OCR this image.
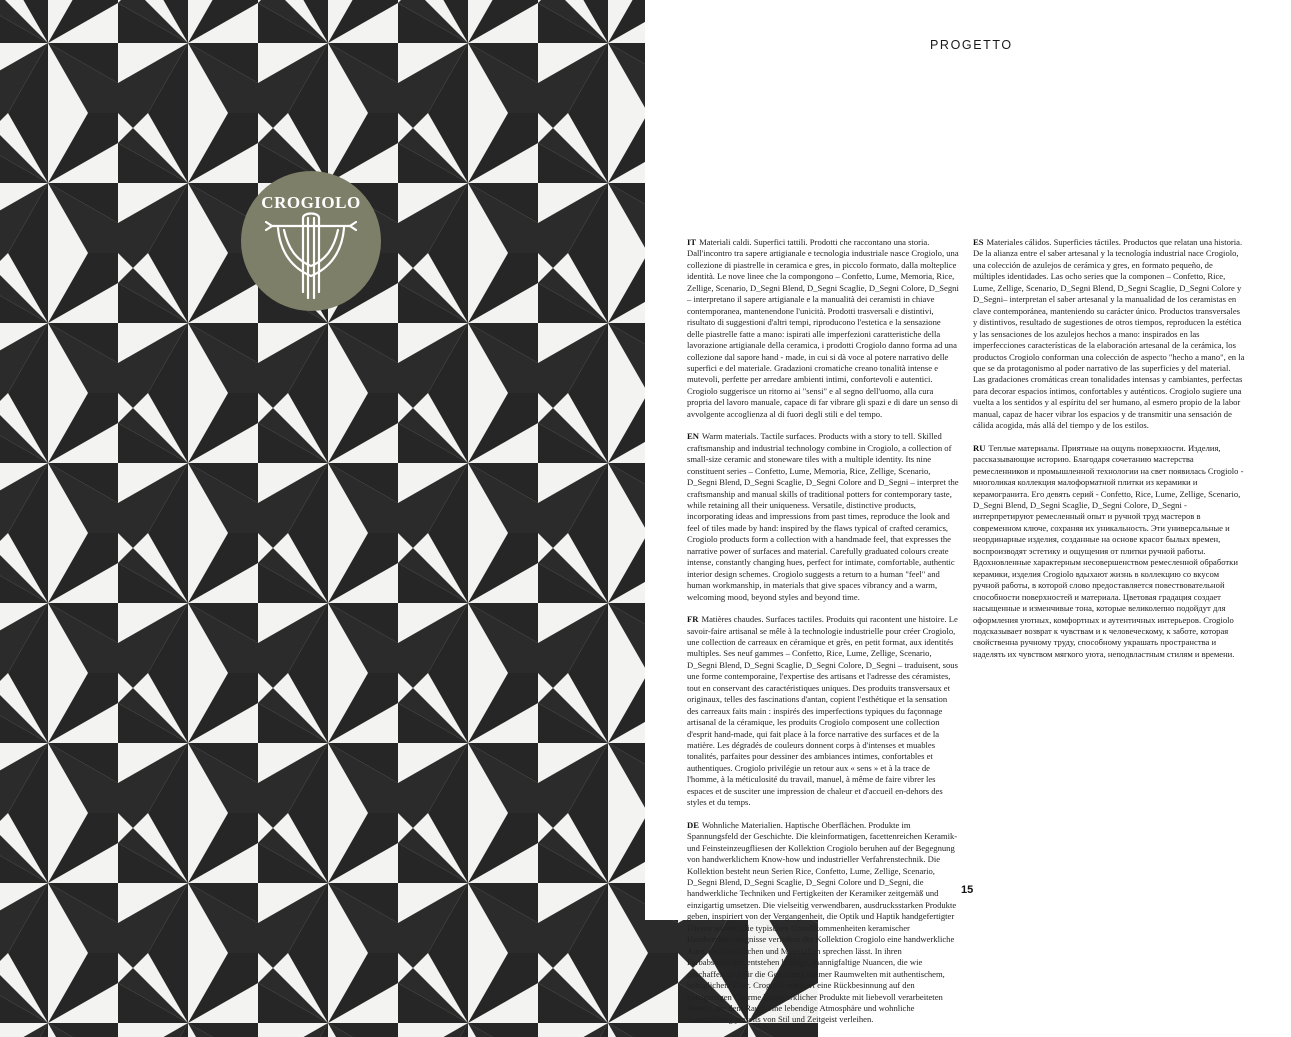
CROGIOLO
PROGETTO

IT Materiali caldi. Superfici tattili. Prodotti che raccontano una storia. Dall'incontro tra sapere artigianale e tecnologia industriale nasce Crogiolo, una collezione di piastrelle in ceramica e gres, in piccolo formato, dalla molteplice identità. Le nove linee che la compongono – Confetto, Lume, Memoria, Rice, Zellige, Scenario, D_Segni Blend, D_Segni Scaglie, D_Segni Colore, D_Segni – interpretano il sapere artigianale e la manualità dei ceramisti in chiave contemporanea, mantenendone l'unicità. Prodotti trasversali e distintivi, risultato di suggestioni d'altri tempi, riproducono l'estetica e la sensazione delle piastrelle fatte a mano: ispirati alle imperfezioni caratteristiche della lavorazione artigianale della ceramica, i prodotti Crogiolo danno forma ad una collezione dal sapore hand - made, in cui si dà voce al potere narrativo delle superfici e del materiale. Gradazioni cromatiche creano tonalità intense e mutevoli, perfette per arredare ambienti intimi, confortevoli e autentici. Crogiolo suggerisce un ritorno ai "sensi" e al segno dell'uomo, alla cura propria del lavoro manuale, capace di far vibrare gli spazi e di dare un senso di avvolgente accoglienza al di fuori degli stili e del tempo.

EN Warm materials. Tactile surfaces. Products with a story to tell. Skilled craftsmanship and industrial technology combine in Crogiolo, a collection of small-size ceramic and stoneware tiles with a multiple identity. Its nine constituent series – Confetto, Lume, Memoria, Rice, Zellige, Scenario, D_Segni Blend, D_Segni Scaglie, D_Segni Colore and D_Segni – interpret the craftsmanship and manual skills of traditional potters for contemporary taste, while retaining all their uniqueness. Versatile, distinctive products, incorporating ideas and impressions from past times, reproduce the look and feel of tiles made by hand: inspired by the flaws typical of crafted ceramics, Crogiolo products form a collection with a handmade feel, that expresses the narrative power of surfaces and material. Carefully graduated colours create intense, constantly changing hues, perfect for intimate, comfortable, authentic interior design schemes. Crogiolo suggests a return to a human "feel" and human workmanship, in materials that give spaces vibrancy and a warm, welcoming mood, beyond styles and beyond time.

FR Matières chaudes. Surfaces tactiles. Produits qui racontent une histoire. Le savoir-faire artisanal se mêle à la technologie industrielle pour créer Crogiolo, une collection de carreaux en céramique et grès, en petit format, aux identités multiples. Ses neuf gammes – Confetto, Rice, Lume, Zellige, Scenario, D_Segni Blend, D_Segni Scaglie, D_Segni Colore, D_Segni – traduisent, sous une forme contemporaine, l'expertise des artisans et l'adresse des céramistes, tout en conservant des caractéristiques uniques. Des produits transversaux et originaux, telles des fascinations d'antan, copient l'esthétique et la sensation des carreaux faits main : inspirés des imperfections typiques du façonnage artisanal de la céramique, les produits Crogiolo composent une collection d'esprit hand-made, qui fait place à la force narrative des surfaces et de la matière. Les dégradés de couleurs donnent corps à d'intenses et muables tonalités, parfaites pour dessiner des ambiances intimes, confortables et authentiques. Crogiolo privilégie un retour aux « sens » et à la trace de l'homme, à la méticulosité du travail, manuel, à même de faire vibrer les espaces et de susciter une impression de chaleur et d'accueil en-dehors des styles et du temps.

DE Wohnliche Materialien. Haptische Oberflächen. Produkte im Spannungsfeld der Geschichte. Die kleinformatigen, facettenreichen Keramik- und Feinsteinzeugfliesen der Kollektion Crogiolo beruhen auf der Begegnung von handwerklichem Know-how und industrieller Verfahrenstechnik. Die Kollektion besteht neun Serien Rice, Confetto, Lume, Zellige, Scenario, D_Segni Blend, D_Segni Scaglie, D_Segni Colore und D_Segni, die handwerkliche Techniken und Fertigkeiten der Keramiker zeitgemäß und einzigartig umsetzen. Die vielseitig verwendbaren, ausdrucksstarken Produkte geben, inspiriert von der Vergangenheit, die Optik und Haptik handgefertigter Fliesen wieder. Die typischen Unvollkommenheiten keramischer Handwerkserzeugnisse verleihen der Kollektion Crogiolo eine handwerkliche Aura, die Oberflächen und Materialien sprechen lässt. In ihren Farbabstufungen entstehen kräftige, mannigfaltige Nuancen, die wie geschaffen sind für die Gestaltung intimer Raumwelten mit authentischem, behaglichem Flair. Crogiolo markiert eine Rückbesinnung auf den einzigartigen Charme handwerklicher Produkte mit liebevoll verarbeiteten Details, die dem Raum eine lebendige Atmosphäre und wohnliche Ausstrahlung jenseits von Stil und Zeitgeist verleihen.

ES Materiales cálidos. Superficies táctiles. Productos que relatan una historia. De la alianza entre el saber artesanal y la tecnología industrial nace Crogiolo, una colección de azulejos de cerámica y gres, en formato pequeño, de múltiples identidades. Las ocho series que la componen – Confetto, Rice, Lume, Zellige, Scenario, D_Segni Blend, D_Segni Scaglie, D_Segni Colore y D_Segni– interpretan el saber artesanal y la manualidad de los ceramistas en clave contemporánea, manteniendo su carácter único. Productos transversales y distintivos, resultado de sugestiones de otros tiempos, reproducen la estética y las sensaciones de los azulejos hechos a mano: inspirados en las imperfecciones características de la elaboración artesanal de la cerámica, los productos Crogiolo conforman una colección de aspecto "hecho a mano", en la que se da protagonismo al poder narrativo de las superficies y del material. Las gradaciones cromáticas crean tonalidades intensas y cambiantes, perfectas para decorar espacios íntimos, confortables y auténticos. Crogiolo sugiere una vuelta a los sentidos y al espíritu del ser humano, al esmero propio de la labor manual, capaz de hacer vibrar los espacios y de transmitir una sensación de cálida acogida, más allá del tiempo y de los estilos.

RU Теплые материалы. Приятные на ощупь поверхности. Изделия, рассказывающие историю. Благодаря сочетанию мастерства ремесленников и промышленной технологии на свет появилась Crogiolo - многоликая коллекция малоформатной плитки из керамики и керамогранита. Его девять серий - Confetto, Rice, Lume, Zellige, Scenario, D_Segni Blend, D_Segni Scaglie, D_Segni Colore, D_Segni - интерпретируют ремесленный опыт и ручной труд мастеров в современном ключе, сохраняя их уникальность. Эти универсальные и неординарные изделия, созданные на основе красот былых времен, воспроизводят эстетику и ощущения от плитки ручной работы. Вдохновленные характерным несовершенством ремесленной обработки керамики, изделия Crogiolo вдыхают жизнь в коллекцию со вкусом ручной работы, в которой слово предоставляется повествовательной способности поверхностей и материала. Цветовая градация создает насыщенные и изменчивые тона, которые великолепно подойдут для оформления уютных, комфортных и аутентичных интерьеров. Crogiolo подсказывает возврат к чувствам и к человеческому, к заботе, которая свойственна ручному труду, способному украшать пространства и наделять их чувством мягкого уюта, неподвластным стилям и времени.

15
